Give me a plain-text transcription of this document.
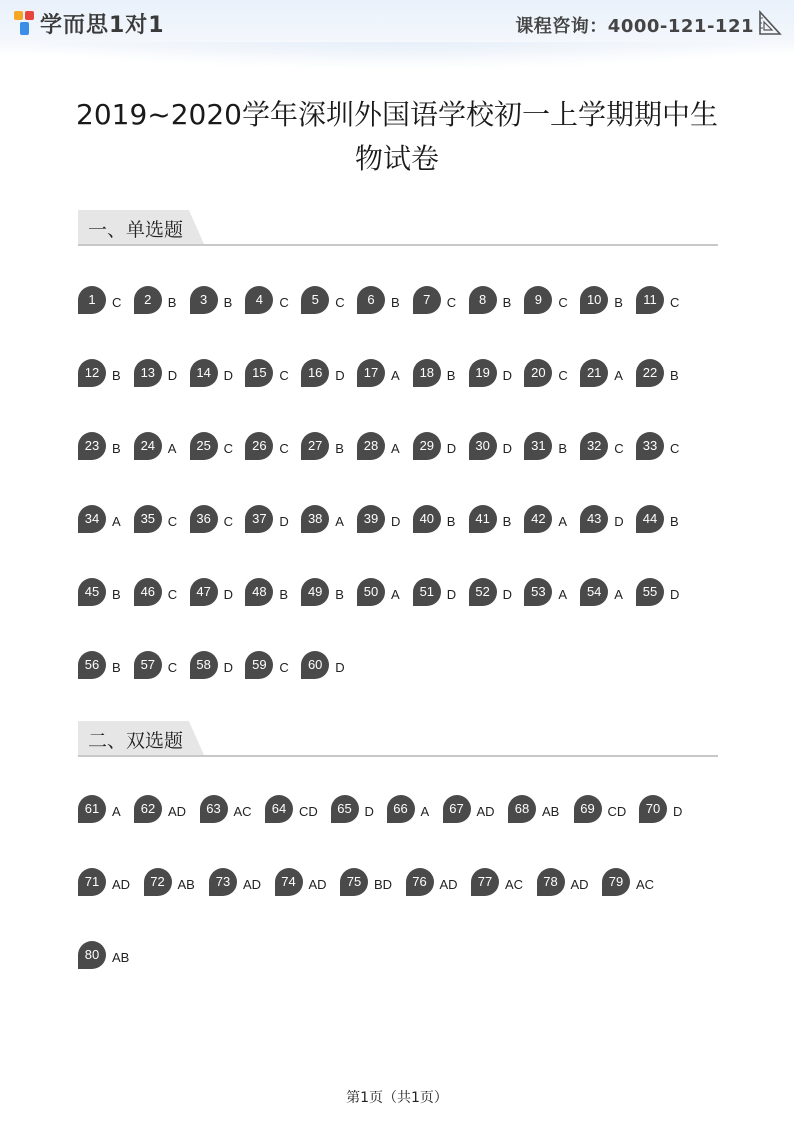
学而思1对1	课程咨询：4000-121-121
2019~2020学年深圳外国语学校初一上学期期中生
物试卷
一、单选题
1	C	2	B	3	B	4	C	5	C	6	B	7	C	8	B	9	C	10 B	11	C
12 B	13 D	14 D	15 C	16 D	17 A	18 B	19 D	20 C	21 A	22 B
23 B	24 A	25 C	26 C	27 B	28 A	29 D	30 D	31 B	32 C	33 C
34 A	35 C	36 C	37 D	38 A	39 D	40 B	41 B	42 A	43 D	44 B
45 B	46 C	47 D	48 B	49 B	50 A	51 D	52 D	53 A	54 A	55 D
56 B	57 C	58 D	59 C	60 D
二、双选题
61 A	62 AD	63 AC	64 CD	65 D	66 A	67 AD	68 AB	69 CD	70 D
71 AD	72 AB	73 AD	74 AD	75 BD	76 AD	77 AC	78 AD	79 AC
80 AB
第1页（共1页）
